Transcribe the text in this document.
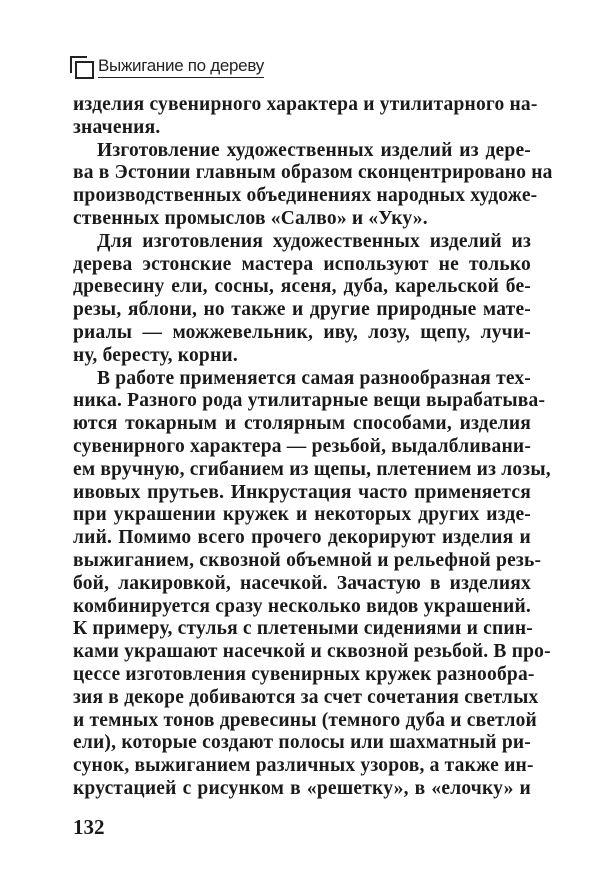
Выжигание по дереву
изделия сувенирного характера и утилитарного на-
значения.
Изготовление художественных изделий из дере-
ва в Эстонии главным образом сконцентрировано на
производственных объединениях народных художе-
ственных промыслов «Салво» и «Уку».
Для изготовления художественных изделий из
дерева эстонские мастера используют не только
древесину ели, сосны, ясеня, дуба, карельской бе-
резы, яблони, но также и другие природные мате-
риалы — можжевельник, иву, лозу, щепу, лучи-
ну, бересту, корни.
В работе применяется самая разнообразная тех-
ника. Разного рода утилитарные вещи вырабатыва-
ются токарным и столярным способами, изделия
сувенирного характера — резьбой, выдалбливани-
ем вручную, сгибанием из щепы, плетением из лозы,
ивовых прутьев. Инкрустация часто применяется
при украшении кружек и некоторых других изде-
лий. Помимо всего прочего декорируют изделия и
выжиганием, сквозной объемной и рельефной резь-
бой, лакировкой, насечкой. Зачастую в изделиях
комбинируется сразу несколько видов украшений.
К примеру, стулья с плетеными сидениями и спин-
ками украшают насечкой и сквозной резьбой. В про-
цессе изготовления сувенирных кружек разнообра-
зия в декоре добиваются за счет сочетания светлых
и темных тонов древесины (темного дуба и светлой
ели), которые создают полосы или шахматный ри-
сунок, выжиганием различных узоров, а также ин-
крустацией с рисунком в «решетку», в «елочку» и
132
